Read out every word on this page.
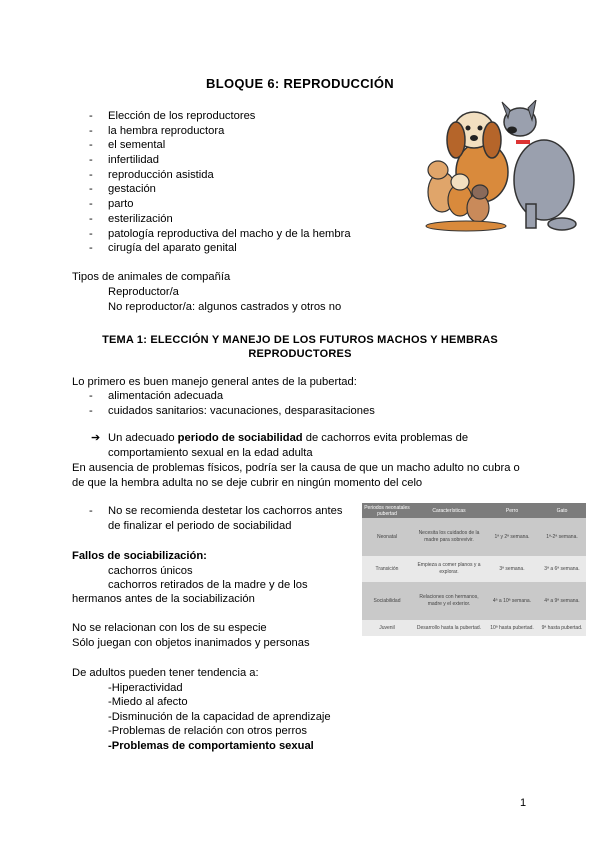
BLOQUE 6: REPRODUCCIÓN
- Elección de los reproductores
- la hembra reproductora
- el semental
- infertilidad
- reproducción asistida
- gestación
- parto
- esterilización
- patología reproductiva del macho y de la hembra
- cirugía del aparato genital
Tipos de animales de compañía
Reproductor/a
No reproductor/a: algunos castrados y otros no
TEMA 1: ELECCIÓN Y MANEJO DE LOS FUTUROS MACHOS Y HEMBRAS
REPRODUCTORES
Lo primero es buen manejo general antes de la pubertad:
- alimentación adecuada
- cuidados sanitarios: vacunaciones, desparasitaciones
➔ Un adecuado periodo de sociabilidad de cachorros evita problemas de
comportamiento sexual en la edad adulta
En ausencia de problemas físicos, podría ser la causa de que un macho adulto no cubra o
de que la hembra adulta no se deje cubrir en ningún momento del celo
- No se recomienda destetar los cachorros antes
de finalizar el periodo de sociabilidad
Fallos de sociabilización:
cachorros únicos
cachorros retirados de la madre y de los
hermanos antes de la sociabilización
No se relacionan con los de su especie
Sólo juegan con objetos inanimados y personas
De adultos pueden tener tendencia a:
-Hiperactividad
-Miedo al afecto
-Disminución de la capacidad de aprendizaje
-Problemas de relación con otros perros
-Problemas de comportamiento sexual
Periodos neonatales pubertad	Características	Perro	Gato
Neonatal	Necesita los cuidados de la madre para sobrevivir.	1ª y 2ª semana.	1ª-2ª semana.
Transición	Empieza a comer planos y a explorar.	3ª semana.	3ª a 6ª semana.
Sociabilidad	Relaciones con hermanos, madre y el exterior.	4ª a 10ª semana.	4ª a 9ª semana.
Juvenil	Desarrollo hasta la pubertad.	10ª hasta pubertad.	9ª hasta pubertad.
1
